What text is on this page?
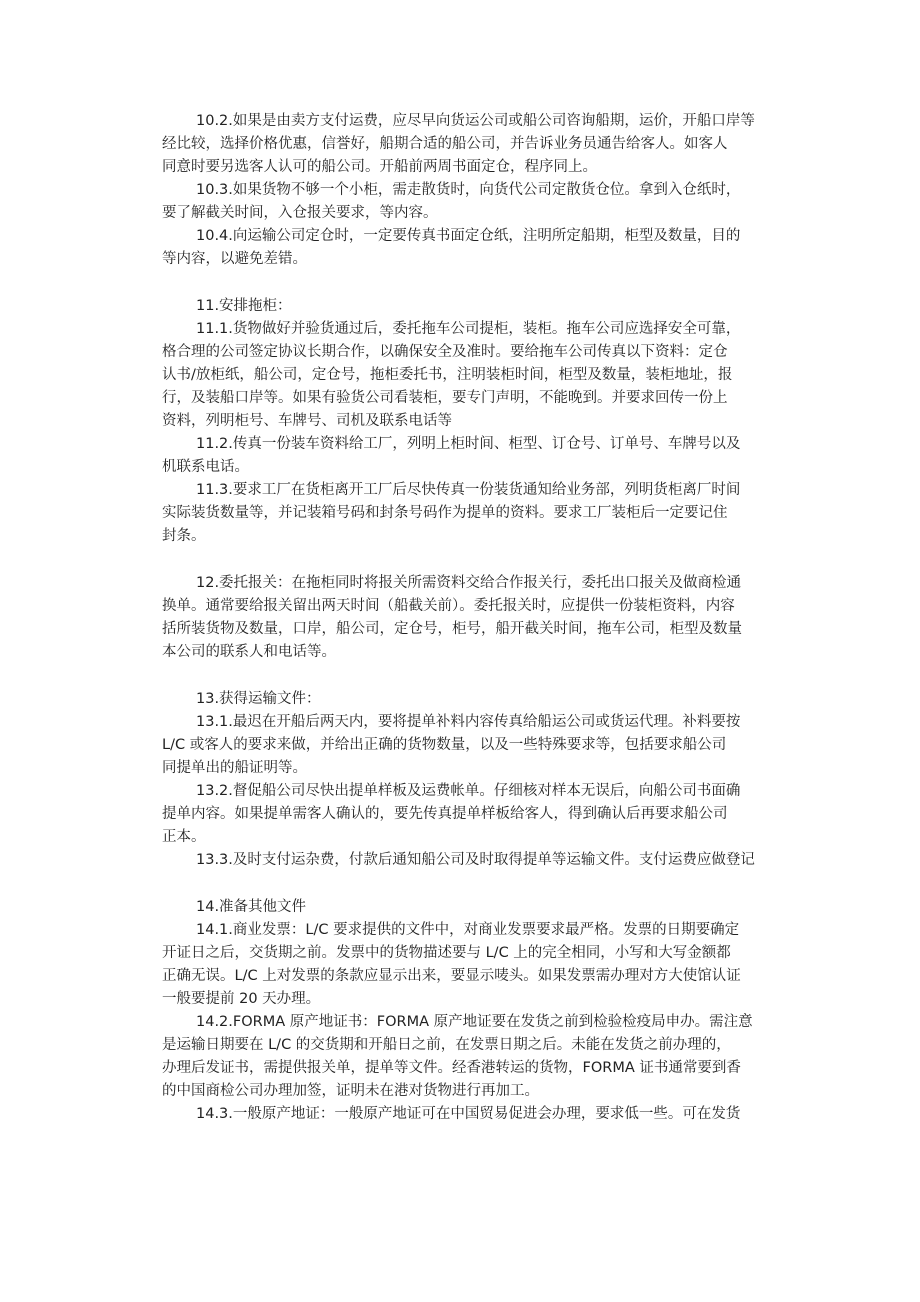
10.2.如果是由卖方支付运费，应尽早向货运公司或船公司咨询船期，运价，开船口岸等
经比较，选择价格优惠，信誉好，船期合适的船公司，并告诉业务员通告给客人。如客人
同意时要另选客人认可的船公司。开船前两周书面定仓，程序同上。
10.3.如果货物不够一个小柜，需走散货时，向货代公司定散货仓位。拿到入仓纸时，
要了解截关时间，入仓报关要求，等内容。
10.4.向运输公司定仓时，一定要传真书面定仓纸，注明所定船期，柜型及数量，目的
等内容，以避免差错。
11.安排拖柜：
11.1.货物做好并验货通过后，委托拖车公司提柜，装柜。拖车公司应选择安全可靠，
格合理的公司签定协议长期合作，以确保安全及准时。要给拖车公司传真以下资料：定仓
认书/放柜纸，船公司，定仓号，拖柜委托书，注明装柜时间，柜型及数量，装柜地址，报
行，及装船口岸等。如果有验货公司看装柜，要专门声明，不能晚到。并要求回传一份上
资料，列明柜号、车牌号、司机及联系电话等
11.2.传真一份装车资料给工厂，列明上柜时间、柜型、订仓号、订单号、车牌号以及
机联系电话。
11.3.要求工厂在货柜离开工厂后尽快传真一份装货通知给业务部，列明货柜离厂时间
实际装货数量等，并记装箱号码和封条号码作为提单的资料。要求工厂装柜后一定要记住
封条。
12.委托报关：在拖柜同时将报关所需资料交给合作报关行，委托出口报关及做商检通
换单。通常要给报关留出两天时间（船截关前）。委托报关时，应提供一份装柜资料，内容
括所装货物及数量，口岸，船公司，定仓号，柜号，船开截关时间，拖车公司，柜型及数量
本公司的联系人和电话等。
13.获得运输文件：
13.1.最迟在开船后两天内，要将提单补料内容传真给船运公司或货运代理。补料要按
L/C 或客人的要求来做，并给出正确的货物数量，以及一些特殊要求等，包括要求船公司
同提单出的船证明等。
13.2.督促船公司尽快出提单样板及运费帐单。仔细核对样本无误后，向船公司书面确
提单内容。如果提单需客人确认的，要先传真提单样板给客人，得到确认后再要求船公司
正本。
13.3.及时支付运杂费，付款后通知船公司及时取得提单等运输文件。支付运费应做登记
14.准备其他文件
14.1.商业发票：L/C 要求提供的文件中，对商业发票要求最严格。发票的日期要确定
开证日之后，交货期之前。发票中的货物描述要与 L/C 上的完全相同，小写和大写金额都
正确无误。L/C 上对发票的条款应显示出来，要显示唛头。如果发票需办理对方大使馆认证
一般要提前 20 天办理。
14.2.FORMA 原产地证书：FORMA 原产地证要在发货之前到检验检疫局申办。需注意
是运输日期要在 L/C 的交货期和开船日之前，在发票日期之后。未能在发货之前办理的，
办理后发证书，需提供报关单，提单等文件。经香港转运的货物，FORMA 证书通常要到香
的中国商检公司办理加签，证明未在港对货物进行再加工。
14.3.一般原产地证：一般原产地证可在中国贸易促进会办理，要求低一些。可在发货
